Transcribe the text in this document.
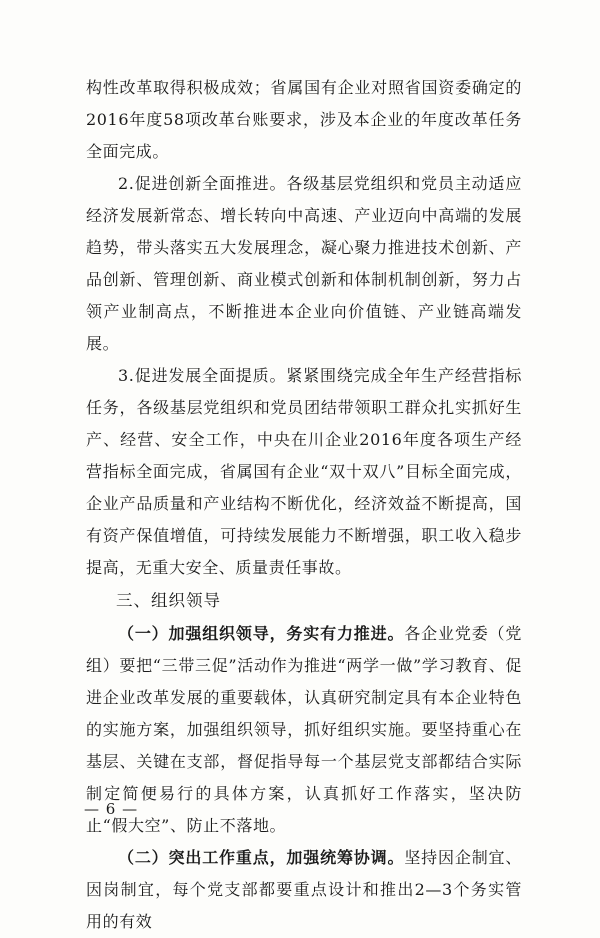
构性改革取得积极成效；省属国有企业对照省国资委确定的2016年度58项改革台账要求，涉及本企业的年度改革任务全面完成。

2.促进创新全面推进。各级基层党组织和党员主动适应经济发展新常态、增长转向中高速、产业迈向中高端的发展趋势，带头落实五大发展理念，凝心聚力推进技术创新、产品创新、管理创新、商业模式创新和体制机制创新，努力占领产业制高点，不断推进本企业向价值链、产业链高端发展。

3.促进发展全面提质。紧紧围绕完成全年生产经营指标任务，各级基层党组织和党员团结带领职工群众扎实抓好生产、经营、安全工作，中央在川企业2016年度各项生产经营指标全面完成，省属国有企业“双十双八”目标全面完成，企业产品质量和产业结构不断优化，经济效益不断提高，国有资产保值增值，可持续发展能力不断增强，职工收入稳步提高，无重大安全、质量责任事故。

三、组织领导

（一）加强组织领导，务实有力推进。各企业党委（党组）要把“三带三促”活动作为推进“两学一做”学习教育、促进企业改革发展的重要载体，认真研究制定具有本企业特色的实施方案，加强组织领导，抓好组织实施。要坚持重心在基层、关键在支部，督促指导每一个基层党支部都结合实际制定简便易行的具体方案，认真抓好工作落实，坚决防止“假大空”、防止不落地。

（二）突出工作重点，加强统筹协调。坚持因企制宜、因岗制宜，每个党支部都要重点设计和推出2—3个务实管用的有效

— 6 —
